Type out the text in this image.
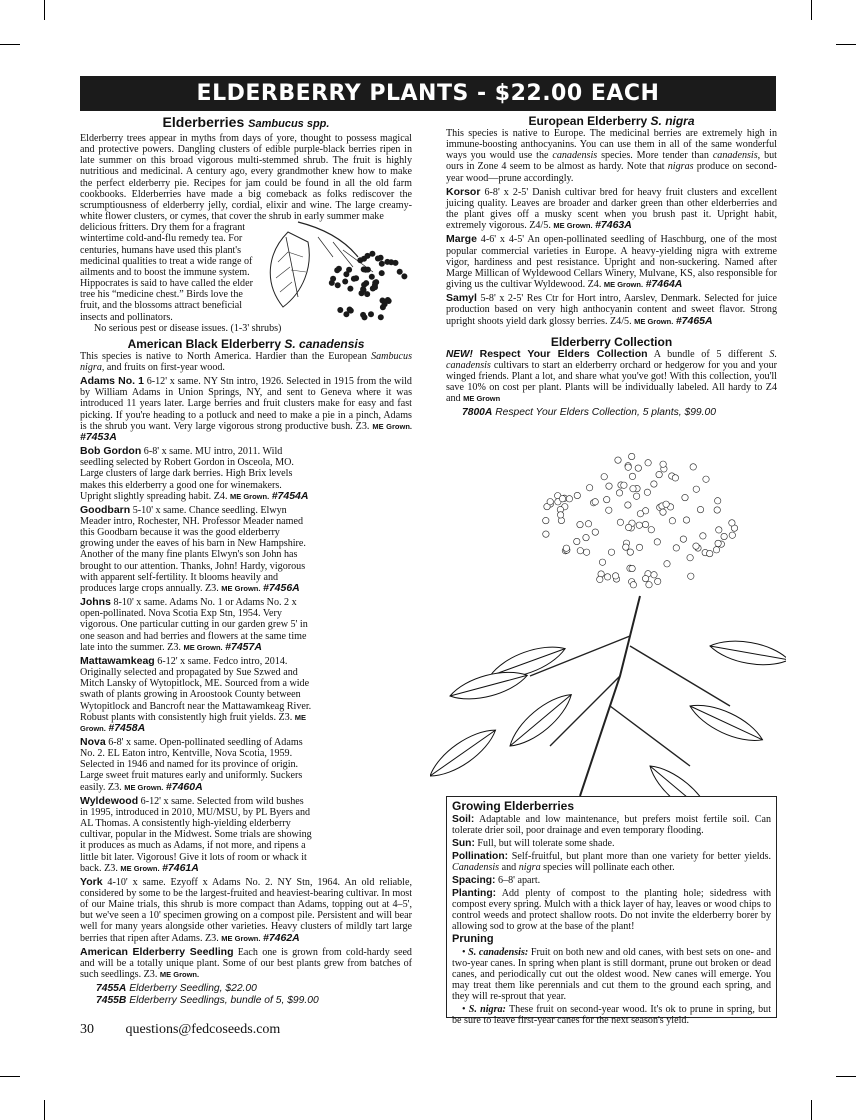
ELDERBERRY PLANTS - $22.00 EACH
Elderberries Sambucus spp.

Elderberry trees appear in myths from days of yore, thought to possess magical and protective powers. Dangling clusters of edible purple-black berries ripen in late summer on this broad vigorous multi-stemmed shrub. The fruit is highly nutritious and medicinal. A century ago, every grandmother knew how to make the perfect elderberry pie. Recipes for jam could be found in all the old farm cookbooks. Elderberries have made a big comeback as folks rediscover the scrumptiousness of elderberry jelly, cordial, elixir and wine. The large creamy-white flower clusters, or cymes, that cover the shrub in early summer make

delicious fritters. Dry them for a fragrant wintertime cold-and-flu remedy tea. For centuries, humans have used this plant's medicinal qualities to treat a wide range of ailments and to boost the immune system. Hippocrates is said to have called the elder tree his “medicine chest.” Birds love the fruit, and the blossoms attract beneficial insects and pollinators.

No serious pest or disease issues. (1-3' shrubs)

American Black Elderberry S. canadensis

This species is native to North America. Hardier than the European Sambucus nigra, and fruits on first-year wood.

Adams No. 1 6-12' x same. NY Stn intro, 1926. Selected in 1915 from the wild by William Adams in Union Springs, NY, and sent to Geneva where it was introduced 11 years later. Large berries and fruit clusters make for easy and fast picking. If you're heading to a potluck and need to make a pie in a pinch, Adams is the shrub you want. Very large vigorous strong productive bush. Z3. ME Grown. #7453A

Bob Gordon 6-8' x same. MU intro, 2011. Wild seedling selected by Robert Gordon in Osceola, MO. Large clusters of large dark berries. High Brix levels makes this elderberry a good one for winemakers. Upright slightly spreading habit. Z4. ME Grown. #7454A

Goodbarn 5-10' x same. Chance seedling. Elwyn Meader intro, Rochester, NH. Professor Meader named this Goodbarn because it was the good elderberry growing under the eaves of his barn in New Hampshire. Another of the many fine plants Elwyn's son John has brought to our attention. Thanks, John! Hardy, vigorous with apparent self-fertility. It blooms heavily and produces large crops annually. Z3. ME Grown. #7456A

Johns 8-10' x same. Adams No. 1 or Adams No. 2 x open-pollinated. Nova Scotia Exp Stn, 1954. Very vigorous. One particular cutting in our garden grew 5' in one season and had berries and flowers at the same time late into the summer. Z3. ME Grown. #7457A

Mattawamkeag 6-12' x same. Fedco intro, 2014. Originally selected and propagated by Sue Szwed and Mitch Lansky of Wytopitlock, ME. Sourced from a wide swath of plants growing in Aroostook County between Wytopitlock and Bancroft near the Mattawamkeag River. Robust plants with consistently high fruit yields. Z3. ME Grown. #7458A

Nova 6-8' x same. Open-pollinated seedling of Adams No. 2. EL Eaton intro, Kentville, Nova Scotia, 1959. Selected in 1946 and named for its province of origin. Large sweet fruit matures early and uniformly. Suckers easily. Z3. ME Grown. #7460A

Wyldewood 6-12' x same. Selected from wild bushes in 1995, introduced in 2010, MU/MSU, by PL Byers and AL Thomas. A consistently high-yielding elderberry cultivar, popular in the Midwest. Some trials are showing it produces as much as Adams, if not more, and ripens a little bit later. Vigorous! Give it lots of room or whack it back. Z3. ME Grown. #7461A

York 4-10' x same. Ezyoff x Adams No. 2. NY Stn, 1964. An old reliable, considered by some to be the largest-fruited and heaviest-bearing cultivar. In most of our Maine trials, this shrub is more compact than Adams, topping out at 4–5', but we've seen a 10' specimen growing on a compost pile. Persistent and will bear well for many years alongside other varieties. Heavy clusters of mildly tart large berries that ripen after Adams. Z3. ME Grown. #7462A

American Elderberry Seedling Each one is grown from cold-hardy seed and will be a totally unique plant. Some of our best plants grew from batches of such seedlings. Z3. ME Grown.

7455A Elderberry Seedling, $22.00
7455B Elderberry Seedlings, bundle of 5, $99.00
European Elderberry S. nigra

This species is native to Europe. The medicinal berries are extremely high in immune-boosting anthocyanins. You can use them in all of the same wonderful ways you would use the canadensis species. More tender than canadensis, but ours in Zone 4 seem to be almost as hardy. Note that nigras produce on second-year wood—prune accordingly.

Korsor 6-8' x 2-5' Danish cultivar bred for heavy fruit clusters and excellent juicing quality. Leaves are broader and darker green than other elderberries and the plant gives off a musky scent when you brush past it. Upright habit, extremely vigorous. Z4/5. ME Grown. #7463A

Marge 4-6' x 4-5' An open-pollinated seedling of Haschburg, one of the most popular commercial varieties in Europe. A heavy-yielding nigra with extreme vigor, hardiness and pest resistance. Upright and non-suckering. Named after Marge Millican of Wyldewood Cellars Winery, Mulvane, KS, also responsible for giving us the cultivar Wyldewood. Z4. ME Grown. #7464A

Samyl 5-8' x 2-5' Res Ctr for Hort intro, Aarslev, Denmark. Selected for juice production based on very high anthocyanin content and sweet flavor. Strong upright shoots yield dark glossy berries. Z4/5. ME Grown. #7465A

Elderberry Collection

NEW! Respect Your Elders Collection A bundle of 5 different S. canadensis cultivars to start an elderberry orchard or hedgerow for you and your winged friends. Plant a lot, and share what you've got! With this collection, you'll save 10% on cost per plant. Plants will be individually labeled. All hardy to Z4 and ME Grown

7800A Respect Your Elders Collection, 5 plants, $99.00
Growing Elderberries

Soil: Adaptable and low maintenance, but prefers moist fertile soil. Can tolerate drier soil, poor drainage and even temporary flooding.

Sun: Full, but will tolerate some shade.

Pollination: Self-fruitful, but plant more than one variety for better yields. Canadensis and nigra species will pollinate each other.

Spacing: 6–8' apart.

Planting: Add plenty of compost to the planting hole; sidedress with compost every spring. Mulch with a thick layer of hay, leaves or wood chips to control weeds and protect shallow roots. Do not invite the elderberry borer by allowing sod to grow at the base of the plant!

Pruning

• S. canadensis: Fruit on both new and old canes, with best sets on one- and two-year canes. In spring when plant is still dormant, prune out broken or dead canes, and periodically cut out the oldest wood. New canes will emerge. You may treat them like perennials and cut them to the ground each spring, and they will re-sprout that year.

• S. nigra: These fruit on second-year wood. It's ok to prune in spring, but be sure to leave first-year canes for the next season's yield.

30 questions@fedcoseeds.com
